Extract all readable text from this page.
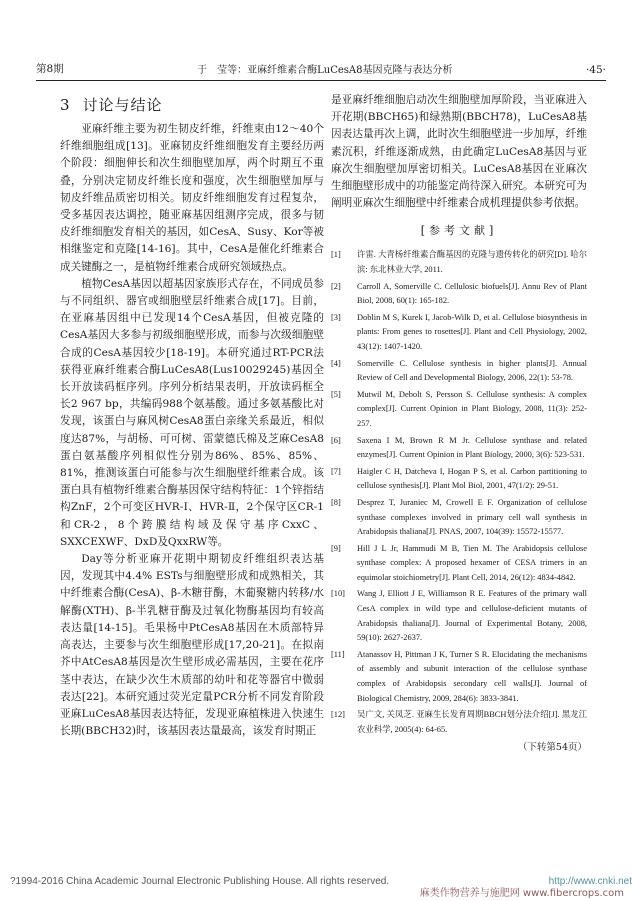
第8期	于　莹等：亚麻纤维素合酶LuCesA8基因克隆与表达分析	·45·
3 讨论与结论

亚麻纤维主要为初生韧皮纤维，纤维束由12～40个纤维细胞组成[13]。亚麻韧皮纤维细胞发育主要经历两个阶段：细胞伸长和次生细胞壁加厚，两个时期互不重叠，分别决定韧皮纤维长度和强度，次生细胞壁加厚与韧皮纤维品质密切相关。韧皮纤维细胞发育过程复杂，受多基因表达调控，随亚麻基因组测序完成，很多与韧皮纤维细胞发育相关的基因，如CesA、Susy、Kor等被相继鉴定和克隆[14-16]。其中，CesA是催化纤维素合成关键酶之一，是植物纤维素合成研究领域热点。

植物CesA基因以超基因家族形式存在，不同成员参与不同组织、器官或细胞壁层纤维素合成[17]。目前，在亚麻基因组中已发现14个CesA基因，但被克隆的CesA基因大多参与初级细胞壁形成，而参与次级细胞壁合成的CesA基因较少[18-19]。本研究通过RT-PCR法获得亚麻纤维素合酶LuCesA8(Lus10029245)基因全长开放读码框序列。序列分析结果表明，开放读码框全长2 967 bp，共编码988个氨基酸。通过多氨基酸比对发现，该蛋白与麻风树CesA8蛋白亲缘关系最近，相似度达87%，与胡杨、可可树、雷蒙德氏棉及芝麻CesA8蛋白氨基酸序列相似性分别为86%、85%、85%、81%，推测该蛋白可能参与次生细胞壁纤维素合成。该蛋白具有植物纤维素合酶基因保守结构特征：1个锌指结构ZnF，2个可变区HVR-Ⅰ、HVR-Ⅱ，2个保守区CR-1和CR-2，8个跨膜结构域及保守基序CxxC、SXXCEXWF、DxD及QxxRW等。

Day等分析亚麻开花期中期韧皮纤维组织表达基因，发现其中4.4% ESTs与细胞壁形成和成熟相关，其中纤维素合酶(CesA)、β-木糖苷酶，木葡聚糖内转移/水解酶(XTH)、β-半乳糖苷酶及过氧化物酶基因均有较高表达量[14-15]。毛果杨中PtCesA8基因在木质部特异高表达，主要参与次生细胞壁形成[17,20-21]。在拟南芥中AtCesA8基因是次生壁形成必需基因，主要在花序茎中表达，在缺少次生木质部的幼叶和花等器官中微弱表达[22]。本研究通过荧光定量PCR分析不同发育阶段亚麻LuCesA8基因表达特征，发现亚麻植株进入快速生长期(BBCH32)时，该基因表达量最高，该发育时期正

是亚麻纤维细胞启动次生细胞壁加厚阶段，当亚麻进入开花期(BBCH65)和绿熟期(BBCH78)，LuCesA8基因表达量再次上调，此时次生细胞壁进一步加厚，纤维素沉积，纤维逐渐成熟，由此确定LuCesA8基因与亚麻次生细胞壁加厚密切相关。LuCesA8基因在亚麻次生细胞壁形成中的功能鉴定尚待深入研究。本研究可为阐明亚麻次生细胞壁中纤维素合成机理提供参考依据。

[参考文献]
[1]	许雷. 大青杨纤维素合酶基因的克隆与遗传转化的研究[D]. 哈尔滨: 东北林业大学, 2011.
[2]	Carroll A, Somerville C. Cellulosic biofuels[J]. Annu Rev of Plant Biol, 2008, 60(1): 165-182.
[3]	Doblin M S, Kurek I, Jacob-Wilk D, et al. Cellulose biosynthesis in plants: From genes to rosettes[J]. Plant and Cell Physiology, 2002, 43(12): 1407-1420.
[4]	Somerville C. Cellulose synthesis in higher plants[J]. Annual Review of Cell and Developmental Biology, 2006, 22(1): 53-78.
[5]	Mutwil M, Debolt S, Persson S. Cellulose synthesis: A complex complex[J]. Current Opinion in Plant Biology, 2008, 11(3): 252-257.
[6]	Saxena I M, Brown R M Jr. Cellulose synthase and related enzymes[J]. Current Opinion in Plant Biology, 2000, 3(6): 523-531.
[7]	Haigler C H, Datcheva I, Hogan P S, et al. Carbon partitioning to cellulose synthesis[J]. Plant Mol Biol, 2001, 47(1/2): 29-51.
[8]	Desprez T, Juraniec M, Crowell E F. Organization of cellulose synthase complexes involved in primary cell wall synthesis in Arabidopsis thaliana[J]. PNAS, 2007, 104(39): 15572-15577.
[9]	Hill J L Jr, Hammudi M B, Tien M. The Arabidopsis cellulose synthase complex: A proposed hexamer of CESA trimers in an equimolar stoichiometry[J]. Plant Cell, 2014, 26(12): 4834-4842.
[10]	Wang J, Elliott J E, Williamson R E. Features of the primary wall CesA complex in wild type and cellulose-deficient mutants of Arabidopsis thaliana[J]. Journal of Experimental Botany, 2008, 59(10): 2627-2637.
[11]	Atanassov H, Pittman J K, Turner S R. Elucidating the mechanisms of assembly and subunit interaction of the cellulose synthase complex of Arabidopsis secondary cell walls[J]. Journal of Biological Chemistry, 2009, 284(6): 3833-3841.
[12]	吴广文, 关凤芝. 亚麻生长发育周期BBCH划分法介绍[J]. 黑龙江农业科学, 2005(4): 64-65.
（下转第54页）
?1994-2016 China Academic Journal Electronic Publishing House. All rights reserved.	http://www.cnki.net
麻类作物营养与施肥网 www.fibercrops.com
